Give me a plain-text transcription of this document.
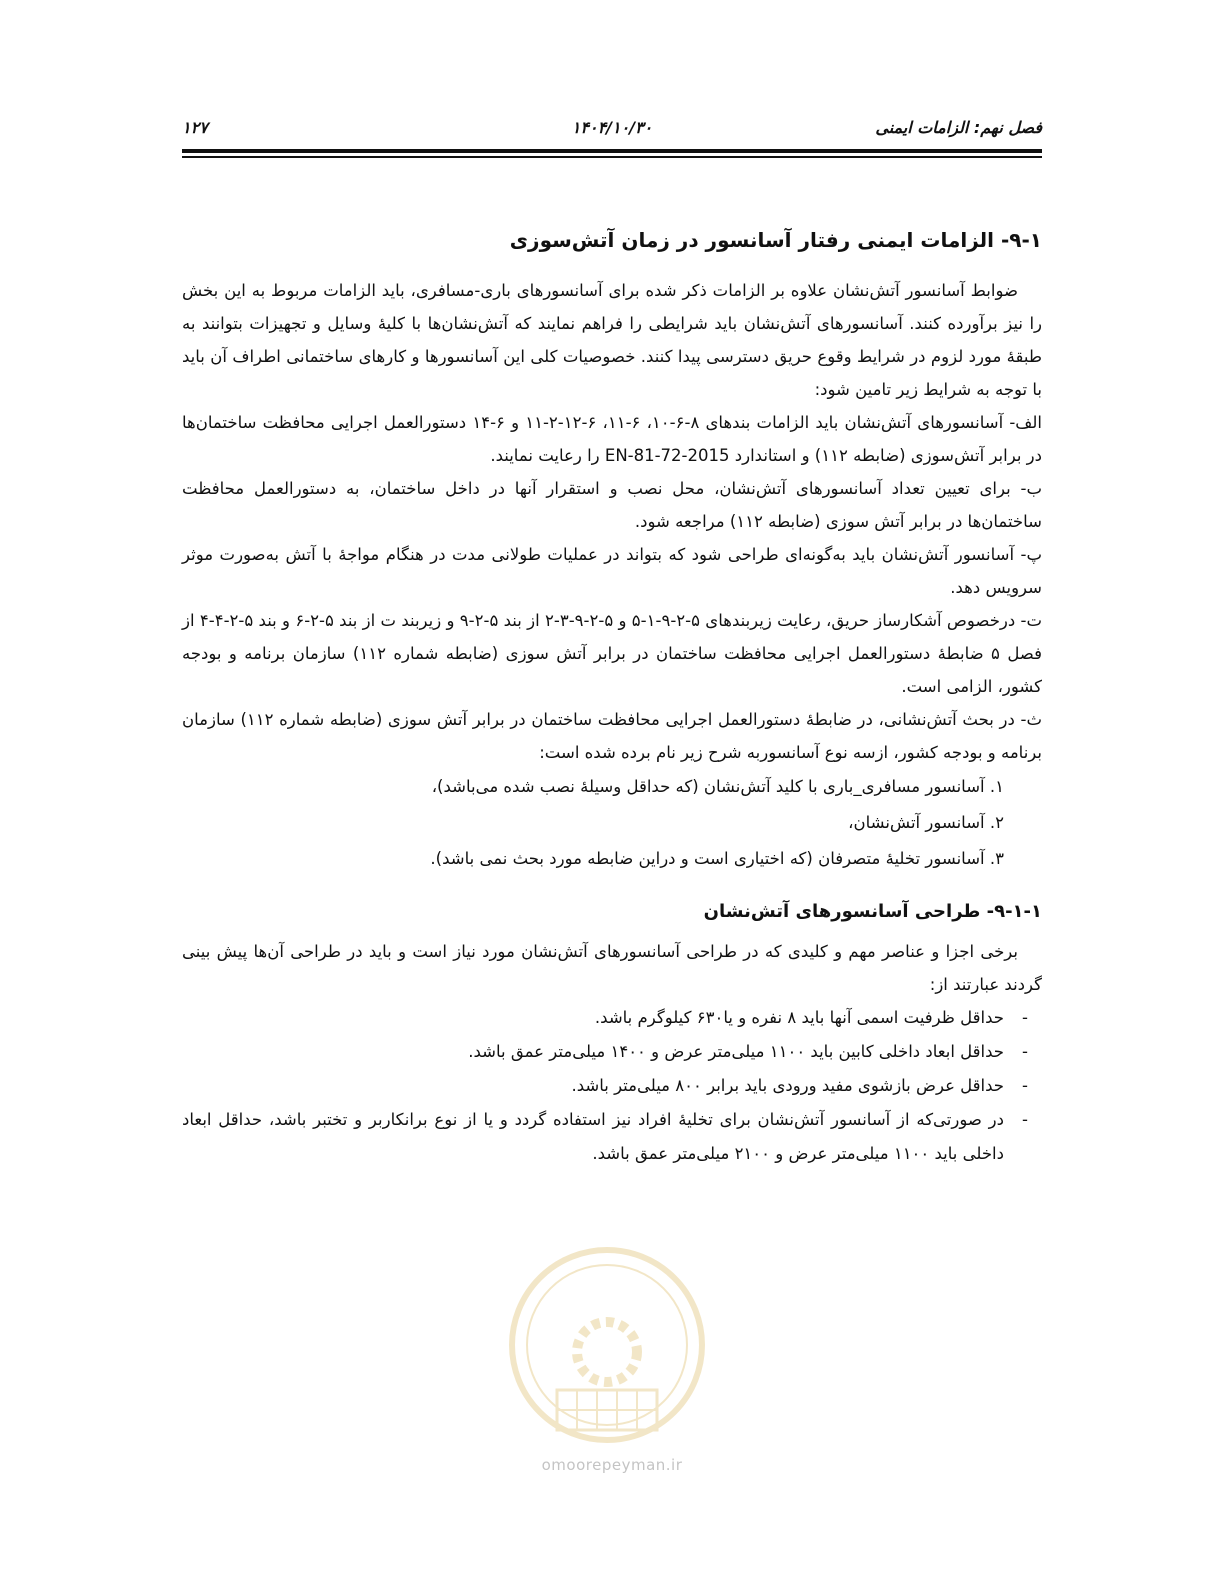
فصل نهم: الزامات ایمنی
۱۴۰۴/۱۰/۳۰
۱۲۷
۹-۱- الزامات ایمنی رفتار آسانسور در زمان آتش‌سوزی

ضوابط آسانسور آتش‌نشان علاوه بر الزامات ذکر شده برای آسانسورهای باری-مسافری، باید الزامات مربوط به این بخش را نیز برآورده کنند. آسانسورهای آتش‌نشان باید شرایطی را فراهم نمایند که آتش‌نشان‌ها با کلیهٔ وسایل و تجهیزات بتوانند به طبقهٔ مورد لزوم در شرایط وقوع حریق دسترسی پیدا کنند. خصوصیات کلی این آسانسورها و کارهای ساختمانی اطراف آن باید با توجه به شرایط زیر تامین شود:

الف- آسانسورهای آتش‌نشان باید الزامات بندهای ۸-۶-۱۰، ۶-۱۱، ۶-۱۲-۲-۱۱ و ۶-۱۴ دستورالعمل اجرایی محافظت ساختمان‌ها در برابر آتش‌سوزی (ضابطه ۱۱۲) و استاندارد EN-81-72-2015 را رعایت نمایند.
ب- برای تعیین تعداد آسانسورهای آتش‌نشان، محل نصب و استقرار آنها در داخل ساختمان، به دستورالعمل محافظت ساختمان‌ها در برابر آتش سوزی (ضابطه ۱۱۲) مراجعه شود.
پ- آسانسور آتش‌نشان باید به‌گونه‌ای طراحی شود که بتواند در عملیات طولانی مدت در هنگام مواجهٔ با آتش به‌صورت موثر سرویس دهد.
ت- درخصوص آشکارساز حریق، رعایت زیربندهای ۵-۲-۹-۱-۵ و ۵-۲-۹-۳-۲ از بند ۵-۲-۹ و زیربند ت از بند ۵-۲-۶ و بند ۵-۲-۴-۴ از فصل ۵ ضابطهٔ دستورالعمل اجرایی محافظت ساختمان در برابر آتش سوزی (ضابطه شماره ۱۱۲) سازمان برنامه و بودجه کشور، الزامی است.
ث- در بحث آتش‌نشانی، در ضابطهٔ دستورالعمل اجرایی محافظت ساختمان در برابر آتش سوزی (ضابطه شماره ۱۱۲) سازمان برنامه و بودجه کشور، ازسه نوع آسانسوربه شرح زیر نام برده شده است:
۱. آسانسور مسافری_باری با کلید آتش‌نشان (که حداقل وسیلهٔ نصب شده می‌باشد)،
۲. آسانسور آتش‌نشان،
۳. آسانسور تخلیهٔ متصرفان (که اختیاری است و دراین ضابطه مورد بحث نمی باشد).
۹-۱-۱- طراحی آسانسورهای آتش‌نشان

برخی اجزا و عناصر مهم و کلیدی که در طراحی آسانسورهای آتش‌نشان مورد نیاز است و باید در طراحی آن‌ها پیش بینی گردند عبارتند از:

- حداقل ظرفیت اسمی آنها باید ۸ نفره و یا۶۳۰ کیلوگرم باشد.
- حداقل ابعاد داخلی کابین باید ۱۱۰۰ میلی‌متر عرض و ۱۴۰۰ میلی‌متر عمق باشد.
- حداقل عرض بازشوی مفید ورودی باید برابر ۸۰۰ میلی‌متر باشد.
- در صورتی‌که از آسانسور آتش‌نشان برای تخلیهٔ افراد نیز استفاده گردد و یا از نوع برانکاربر و تختبر باشد، حداقل ابعاد داخلی باید ۱۱۰۰ میلی‌متر عرض و ۲۱۰۰ میلی‌متر عمق باشد.
omoorepeyman.ir
